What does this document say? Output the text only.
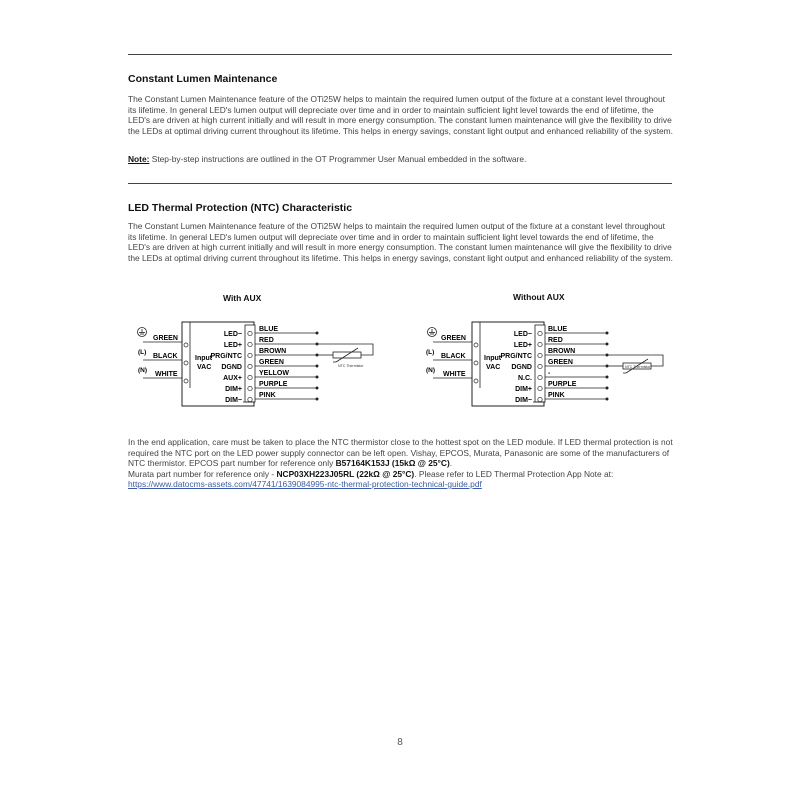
Constant Lumen Maintenance

The Constant Lumen Maintenance feature of the OTi25W helps to maintain the required lumen output of the fixture at a constant level throughout its lifetime. In general LED's lumen output will depreciate over time and in order to maintain sufficient light level towards the end of lifetime, the LED's are driven at high current initially and will result in more energy consumption. The constant lumen maintenance will give the flexibility to drive the LEDs at optimal driving current throughout its lifetime. This helps in energy savings, constant light output and enhanced reliability of the system.

Note: Step-by-step instructions are outlined in the OT Programmer User Manual embedded in the software.

LED Thermal Protection (NTC) Characteristic

The Constant Lumen Maintenance feature of the OTi25W helps to maintain the required lumen output of the fixture at a constant level throughout its lifetime. In general LED's lumen output will depreciate over time and in order to maintain sufficient light level towards the end of lifetime, the LED's are driven at high current initially and will result in more energy consumption. The constant lumen maintenance will give the flexibility to drive the LEDs at optimal driving current throughout its lifetime. This helps in energy savings, constant light output and enhanced reliability of the system.

With AUX	Without AUX
GREEN
BLACK
WHITE
(L)
(N)
Input
VAC
LED−
LED+
PRG/NTC
DGND
AUX+
DIM+
DIM−
BLUE
RED
BROWN
GREEN
YELLOW
PURPLE
PINK
NTC Thermistor
GREEN
BLACK
WHITE
(L)
(N)
Input
VAC
LED−
LED+
PRG/NTC
DGND
N.C.
DIM+
DIM−
BLUE
RED
BROWN
GREEN
-
PURPLE
PINK
NTC Thermistor

In the end application, care must be taken to place the NTC thermistor close to the hottest spot on the LED module. If LED thermal protection is not required the NTC port on the LED power supply connector can be left open. Vishay, EPCOS, Murata, Panasonic are some of the manufacturers of NTC thermistor. EPCOS part number for reference only B57164K153J (15kΩ @ 25°C).
Murata part number for reference only - NCP03XH223J05RL (22kΩ @ 25°C). Please refer to LED Thermal Protection App Note at:
https://www.datocms-assets.com/47741/1639084995-ntc-thermal-protection-technical-guide.pdf

8
